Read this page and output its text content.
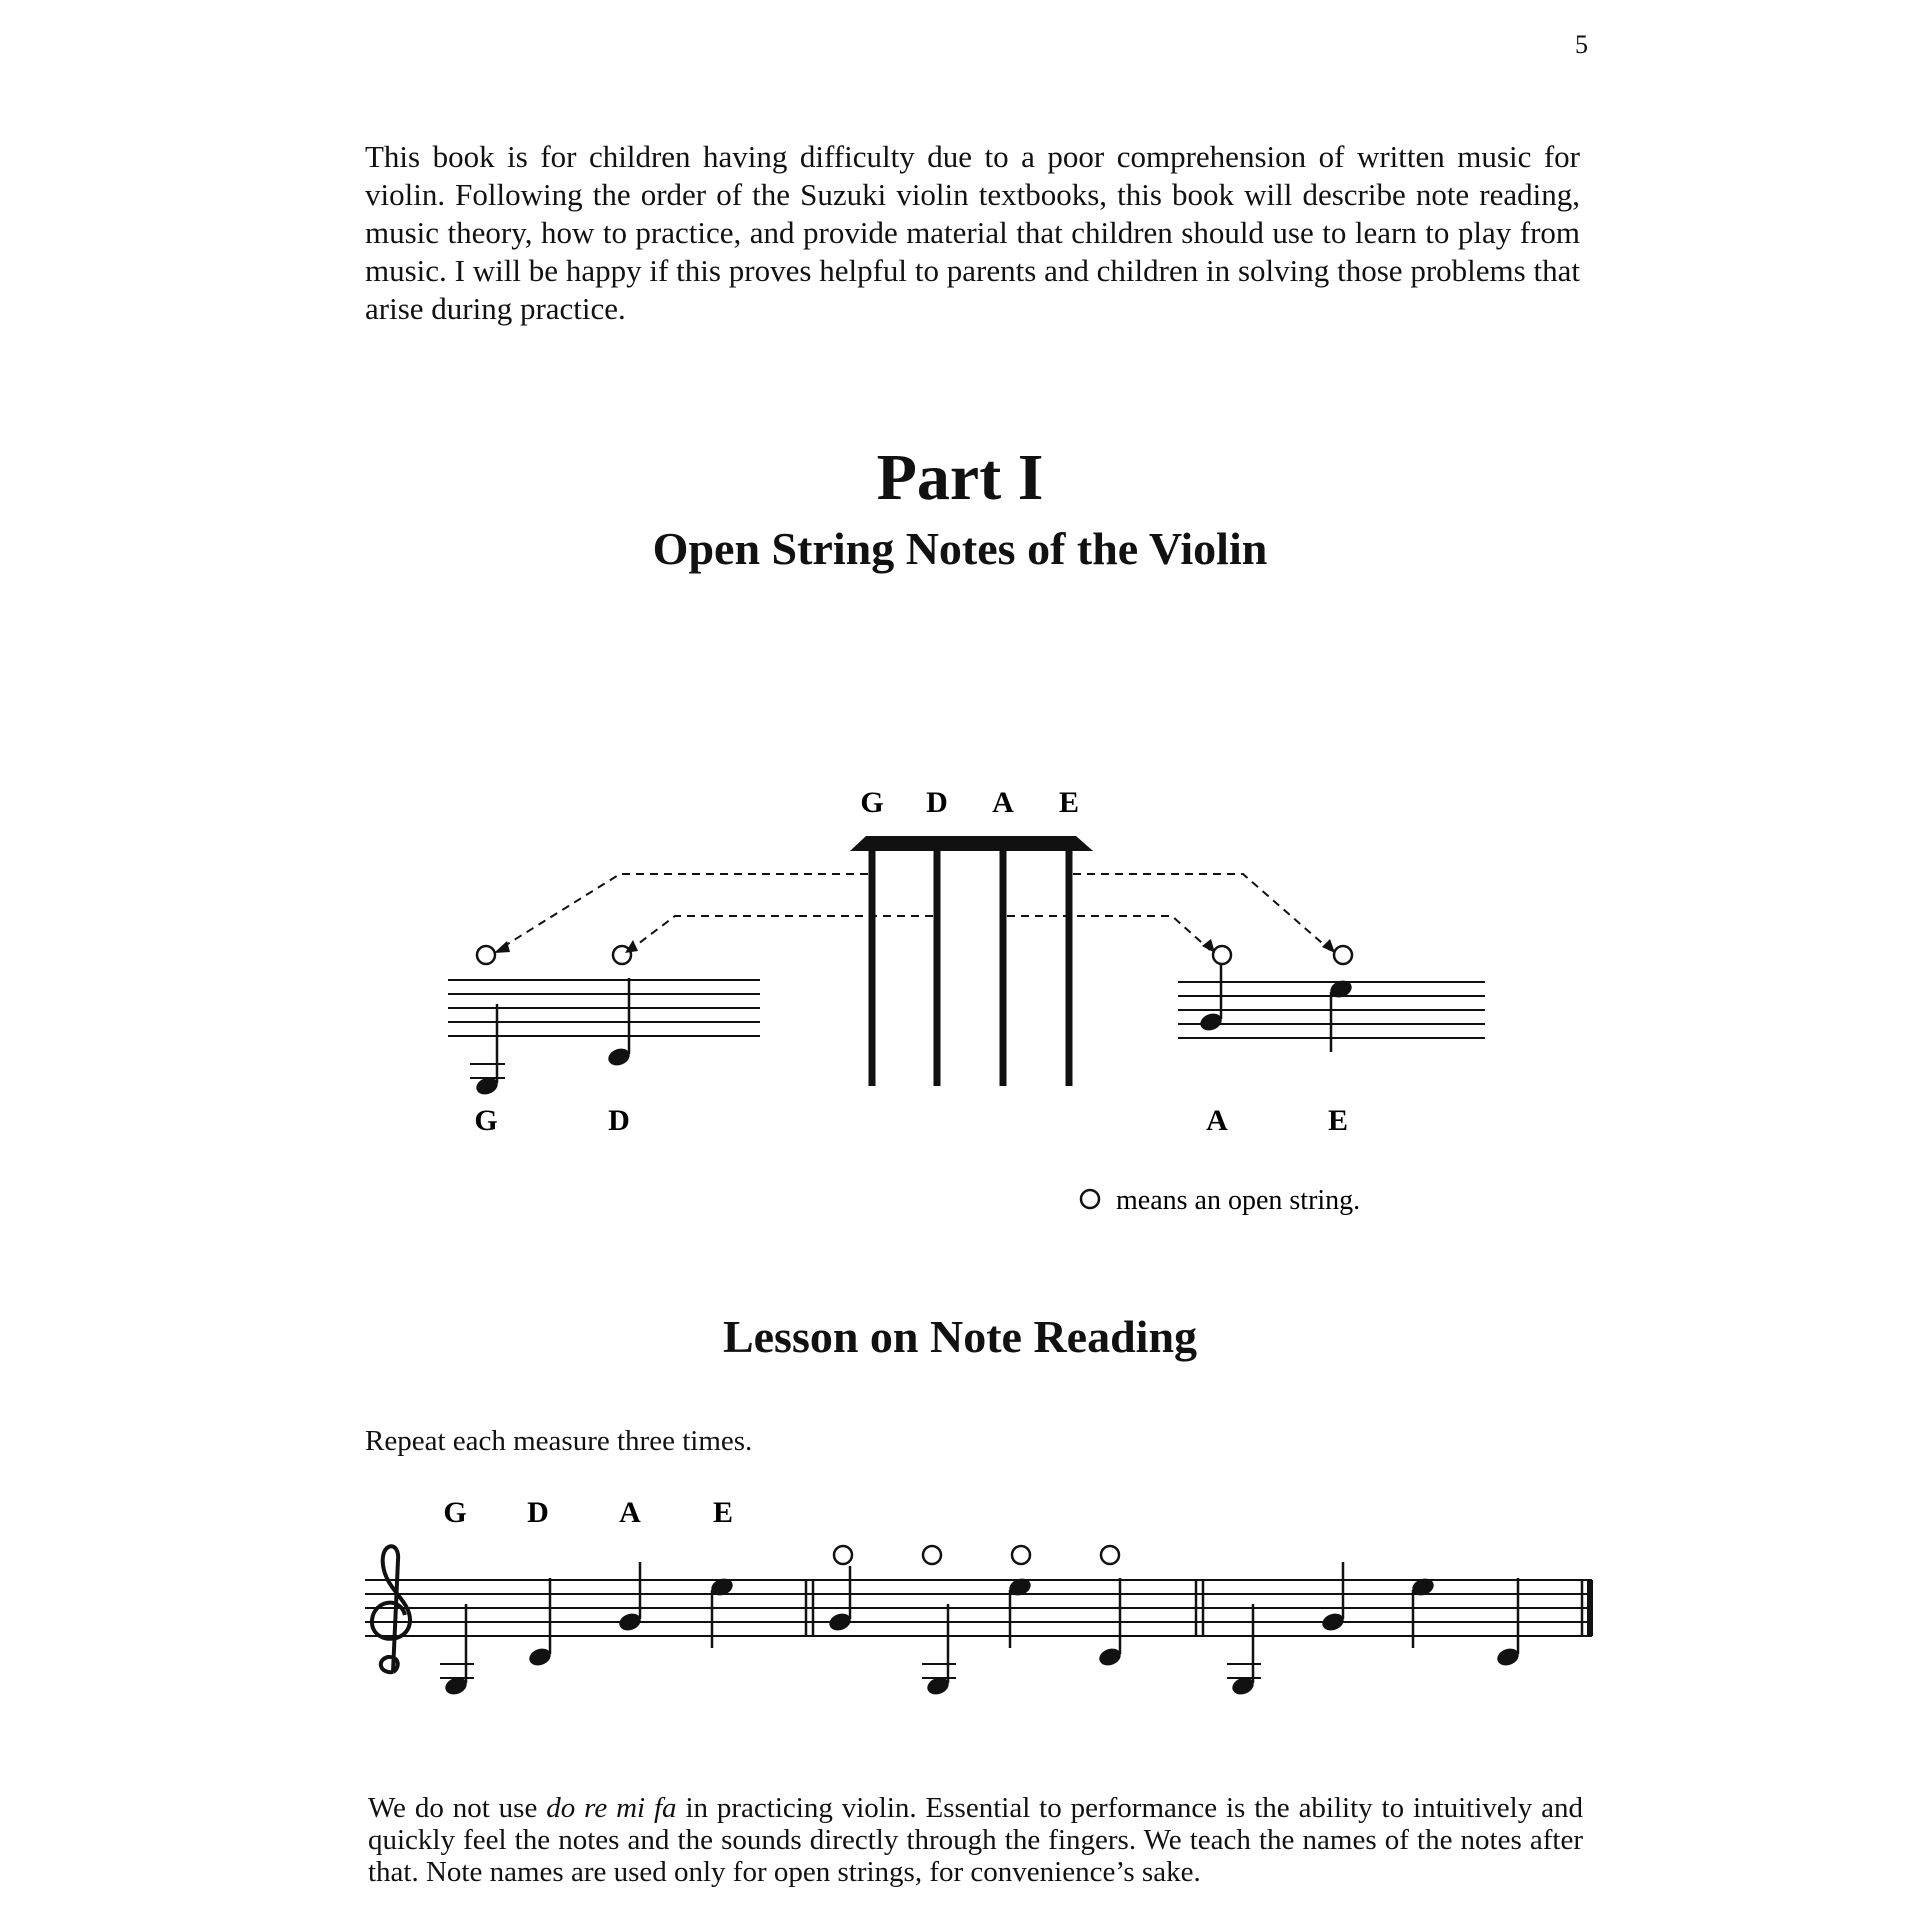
5
This book is for children having difficulty due to a poor comprehension of written music for violin. Following the order of the Suzuki violin textbooks, this book will describe note reading, music theory, how to practice, and provide material that children should use to learn to play from music. I will be happy if this proves helpful to parents and children in solving those problems that arise during practice.
Part I
Open String Notes of the Violin
G D A E
G	D	A	E
means an open string.
Lesson on Note Reading
Repeat each measure three times.
G D A E
We do not use do re mi fa in practicing violin. Essential to performance is the ability to intuitively and quickly feel the notes and the sounds directly through the fingers. We teach the names of the notes after that. Note names are used only for open strings, for convenience’s sake.
